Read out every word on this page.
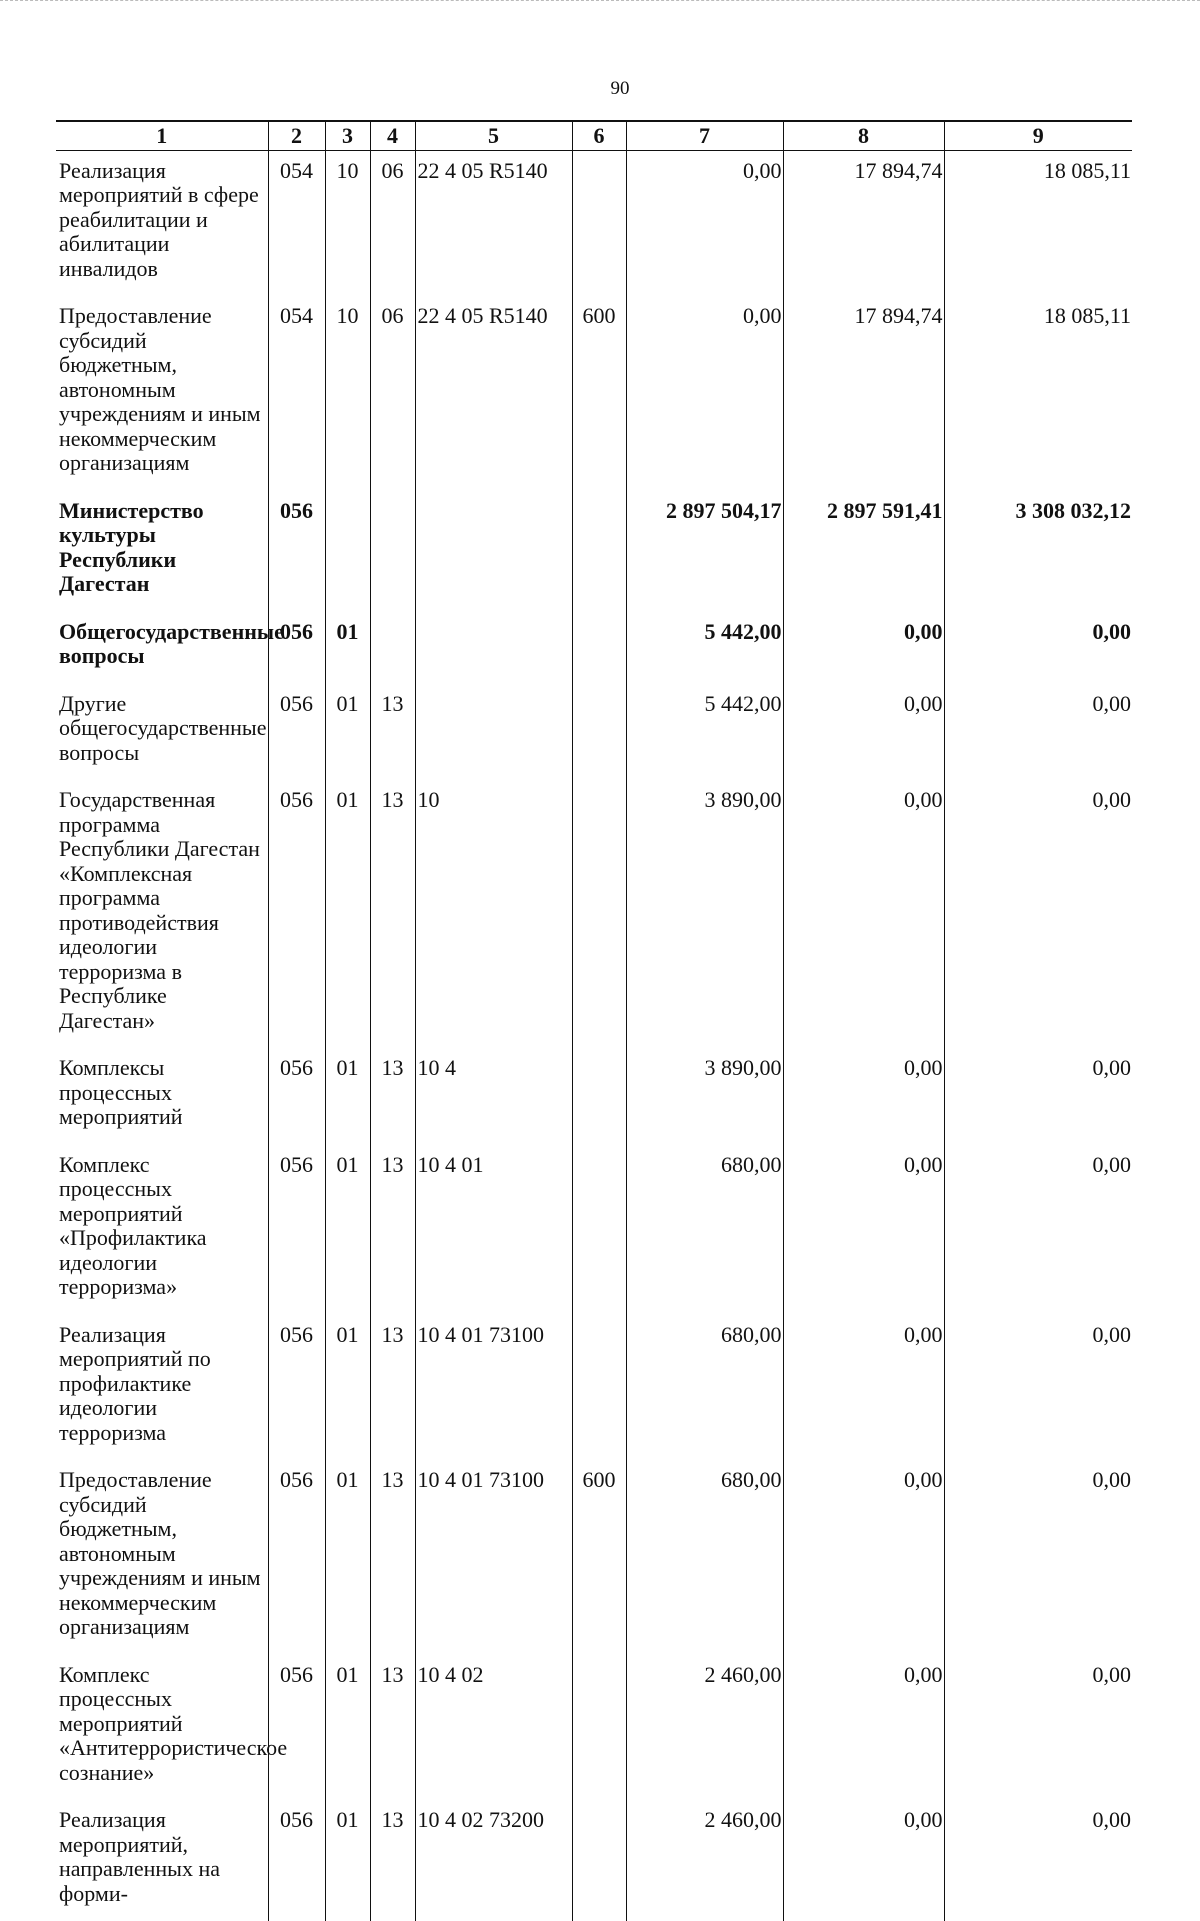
90
1	2	3	4	5	6	7	8	9
Реализация мероприятий в сфере реабилитации и абилитации инвалидов	054	10	06	22 4 05 R5140		0,00	17 894,74	18 085,11
Предоставление субсидий бюджетным, автономным учреждениям и иным некоммерческим организациям	054	10	06	22 4 05 R5140	600	0,00	17 894,74	18 085,11
Министерство культуры Республики Дагестан	056					2 897 504,17	2 897 591,41	3 308 032,12
Общегосударственные вопросы	056	01				5 442,00	0,00	0,00
Другие общегосударственные вопросы	056	01	13			5 442,00	0,00	0,00
Государственная программа Республики Дагестан «Комплексная программа противодействия идеологии терроризма в Республике Дагестан»	056	01	13	10		3 890,00	0,00	0,00
Комплексы процессных мероприятий	056	01	13	10 4		3 890,00	0,00	0,00
Комплекс процессных мероприятий «Профилактика идеологии терроризма»	056	01	13	10 4 01		680,00	0,00	0,00
Реализация мероприятий по профилактике идеологии терроризма	056	01	13	10 4 01 73100		680,00	0,00	0,00
Предоставление субсидий бюджетным, автономным учреждениям и иным некоммерческим организациям	056	01	13	10 4 01 73100	600	680,00	0,00	0,00
Комплекс процессных мероприятий «Антитеррористическое сознание»	056	01	13	10 4 02		2 460,00	0,00	0,00
Реализация мероприятий, направленных на форми-	056	01	13	10 4 02 73200		2 460,00	0,00	0,00
